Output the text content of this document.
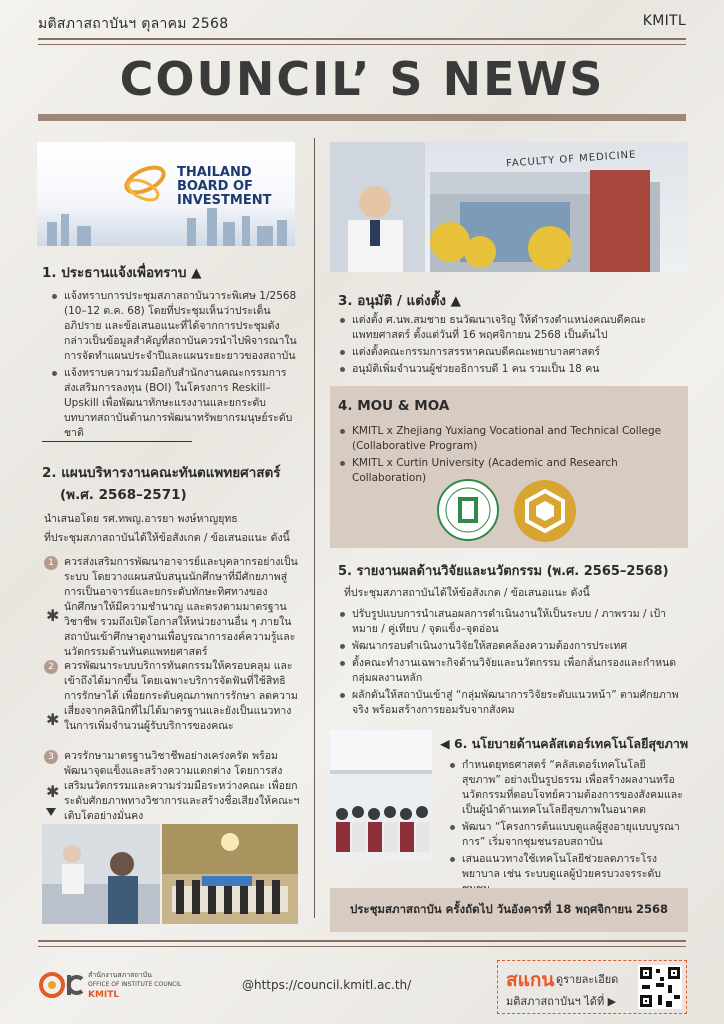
มติสภาสถาบันฯ ตุลาคม 2568	KMITL
COUNCIL’ S NEWS
THAILAND
BOARD OF
INVESTMENT
FACULTY OF MEDICINE
1. ประธานแจ้งเพื่อทราบ ▲
แจ้งทราบการประชุมสภาสถาบันวาระพิเศษ 1/2568 (10–12 ต.ค. 68) โดยที่ประชุมเห็นว่าประเด็นอภิปราย และข้อเสนอแนะที่ได้จากการประชุมดังกล่าวเป็นข้อมูลสำคัญที่สถาบันควรนำไปพิจารณาในการจัดทำแผนประจำปีและแผนระยะยาวของสถาบัน
แจ้งทราบความร่วมมือกับสำนักงานคณะกรรมการส่งเสริมการลงทุน (BOI) ในโครงการ Reskill–Upskill เพื่อพัฒนาทักษะแรงงานและยกระดับบทบาทสถาบันด้านการพัฒนาทรัพยากรมนุษย์ระดับชาติ
2. แผนบริหารงานคณะทันตแพทยศาสตร์
(พ.ศ. 2568–2571)
นำเสนอโดย รศ.ทพญ.อารยา พงษ์หาญยุทธ
ที่ประชุมสภาสถาบันได้ให้ข้อสังเกต / ข้อเสนอแนะ ดังนี้
1 ควรส่งเสริมการพัฒนาอาจารย์และบุคลากรอย่างเป็นระบบ โดยวางแผนสนับสนุนนักศึกษาที่มีศักยภาพสู่การเป็นอาจารย์และยกระดับทักษะทิศทางของนักศึกษาให้มีความชำนาญ และตรงตามมาตรฐานวิชาชีพ รวมถึงเปิดโอกาสให้หน่วยงานอื่น ๆ ภายในสถาบันเข้าศึกษาดูงานเพื่อบูรณาการองค์ความรู้และนวัตกรรมด้านทันตแพทยศาสตร์
✱
2 ควรพัฒนาระบบบริการทันตกรรมให้ครอบคลุม และเข้าถึงได้มากขึ้น โดยเฉพาะบริการจัดฟันที่ใช้สิทธิการรักษาได้ เพื่อยกระดับคุณภาพการรักษา ลดความเสี่ยงจากคลินิกที่ไม่ได้มาตรฐานและยังเป็นแนวทางในการเพิ่มจำนวนผู้รับบริการของคณะ
✱
3 ควรรักษามาตรฐานวิชาชีพอย่างเคร่งครัด พร้อมพัฒนาจุดแข็งและสร้างความแตกต่าง โดยการส่งเสริมนวัตกรรมและความร่วมมือระหว่างคณะ เพื่อยกระดับศักยภาพทางวิชาการและสร้างชื่อเสียงให้คณะฯ เติบโตอย่างมั่นคง
✱
3. อนุมัติ / แต่งตั้ง ▲
แต่งตั้ง ศ.นพ.สมชาย ธนวัฒนาเจริญ ให้ดำรงตำแหน่งคณบดีคณะแพทยศาสตร์ ตั้งแต่วันที่ 16 พฤศจิกายน 2568 เป็นต้นไป
แต่งตั้งคณะกรรมการสรรหาคณบดีคณะพยาบาลศาสตร์
อนุมัติเพิ่มจำนวนผู้ช่วยอธิการบดี 1 คน รวมเป็น 18 คน
4. MOU & MOA
KMITL x Zhejiang Yuxiang Vocational and Technical College (Collaborative Program)
KMITL x Curtin University (Academic and Research Collaboration)
5. รายงานผลด้านวิจัยและนวัตกรรม (พ.ศ. 2565–2568)
ที่ประชุมสภาสถาบันได้ให้ข้อสังเกต / ข้อเสนอแนะ ดังนี้
ปรับรูปแบบการนำเสนอผลการดำเนินงานให้เป็นระบบ / ภาพรวม / เป้าหมาย / คู่เทียบ / จุดแข็ง–จุดอ่อน
พัฒนากรอบดำเนินงานวิจัยให้สอดคล้องความต้องการประเทศ
ตั้งคณะทำงานเฉพาะกิจด้านวิจัยและนวัตกรรม เพื่อกลั่นกรองและกำหนดกลุ่มผลงานหลัก
ผลักดันให้สถาบันเข้าสู่ “กลุ่มพัฒนาการวิจัยระดับแนวหน้า” ตามศักยภาพจริง พร้อมสร้างการยอมรับจากสังคม
◀ 6. นโยบายด้านคลัสเตอร์เทคโนโลยีสุขภาพ
กำหนดยุทธศาสตร์ “คลัสเตอร์เทคโนโลยีสุขภาพ” อย่างเป็นรูปธรรม เพื่อสร้างผลงานหรือนวัตกรรมที่ตอบโจทย์ความต้องการของสังคมและเป็นผู้นำด้านเทคโนโลยีสุขภาพในอนาคต
พัฒนา “โครงการต้นแบบดูแลผู้สูงอายุแบบบูรณาการ” เริ่มจากชุมชนรอบสถาบัน
เสนอแนวทางใช้เทคโนโลยีช่วยลดภาระโรงพยาบาล เช่น ระบบดูแลผู้ป่วยครบวงจรระดับ
ประชุมสภาสถาบัน ครั้งถัดไป วันอังคารที่ 18 พฤศจิกายน 2568
สำนักงานสภาสถาบัน
OFFICE OF INSTITUTE COUNCIL
KMITL
@https://council.kmitl.ac.th/	สแกน ดูรายละเอียด
มติสภาสถาบันฯ ได้ที่ ▶
